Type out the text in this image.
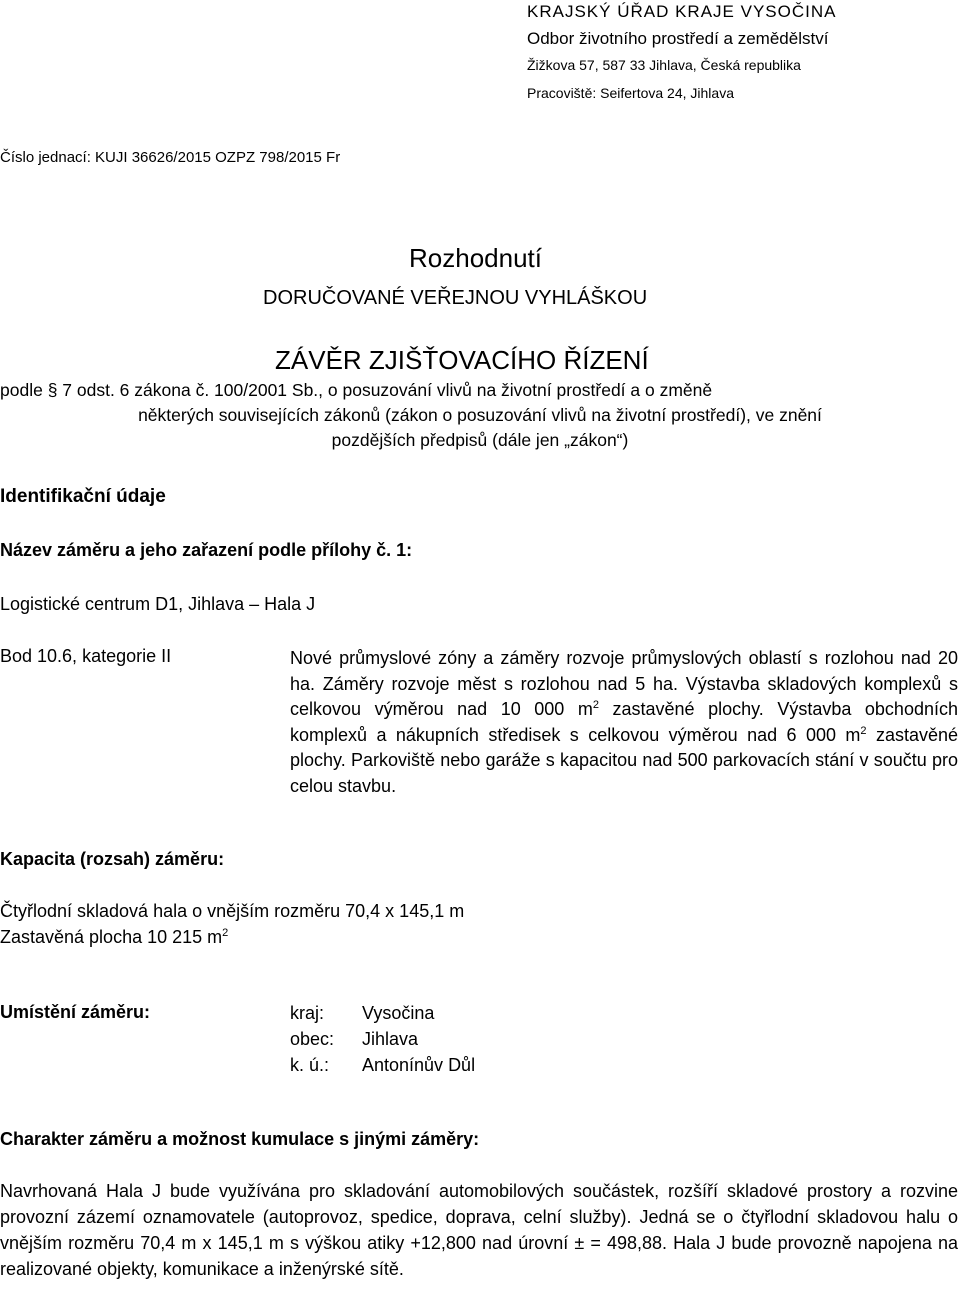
KRAJSKÝ ÚŘAD KRAJE VYSOČINA
Odbor životního prostředí a zemědělství
Žižkova 57, 587 33 Jihlava, Česká republika
Pracoviště: Seifertova 24, Jihlava
Číslo jednací: KUJI 36626/2015 OZPZ 798/2015 Fr
Rozhodnutí
DORUČOVANÉ VEŘEJNOU VYHLÁŠKOU
ZÁVĚR ZJIŠŤOVACÍHO ŘÍZENÍ
podle § 7 odst. 6 zákona č. 100/2001 Sb., o posuzování vlivů na životní prostředí a o změně
některých souvisejících zákonů (zákon o posuzování vlivů na životní prostředí), ve znění
pozdějších předpisů (dále jen „zákon“)
Identifikační údaje
Název záměru a jeho zařazení podle přílohy č. 1:
Logistické centrum D1, Jihlava – Hala J
Bod 10.6, kategorie II	Nové průmyslové zóny a záměry rozvoje průmyslových oblastí s rozlohou nad 20 ha. Záměry rozvoje měst s rozlohou nad 5 ha. Výstavba skladových komplexů s celkovou výměrou nad 10 000 $m^2$ zastavěné plochy. Výstavba obchodních komplexů a nákupních středisek s celkovou výměrou nad 6 000 $m^2$ zastavěné plochy. Parkoviště nebo garáže s kapacitou nad 500 parkovacích stání v součtu pro celou stavbu.
Kapacita (rozsah) záměru:
Čtyřlodní skladová hala o vnějším rozměru 70,4 x 145,1 m
Zastavěná plocha 10 215 $m^2$
Umístění záměru:	kraj:	Vysočina
obec:	Jihlava
k. ú.:	Antonínův Důl
Charakter záměru a možnost kumulace s jinými záměry:
Navrhovaná Hala J bude využívána pro skladování automobilových součástek, rozšíří skladové prostory a rozvine provozní zázemí oznamovatele (autoprovoz, spedice, doprava, celní služby). Jedná se o čtyřlodní skladovou halu o vnějším rozměru 70,4 m x 145,1 m s výškou atiky +12,800 nad úrovní ± = 498,88. Hala J bude provozně napojena na realizované objekty, komunikace a inženýrské sítě.
